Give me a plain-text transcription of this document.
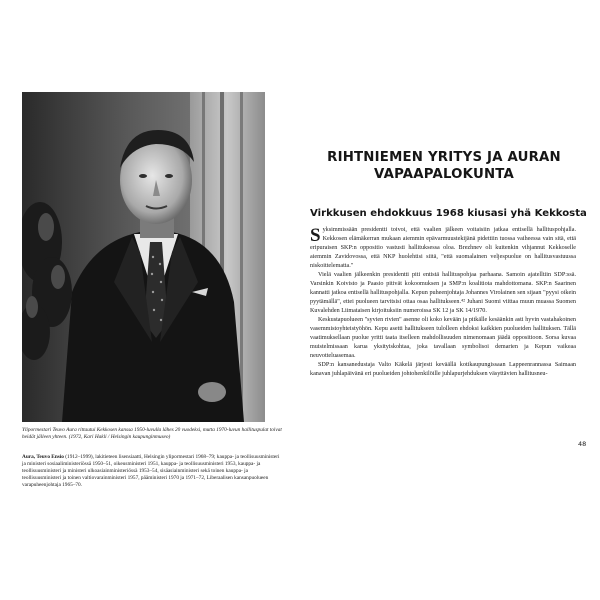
Ylipormestari Teuvo Aura rittautui Kekkosen kanssa 1950-luvulla lähes 20 vuodeksi, mutta 1970-luvun hallituspulat toivat heidät jälleen yhteen. (1972, Kari Hakli / Helsingin kaupunginmuseo)

Aura, Teuvo Ensio (1912–1999), lakitieteen lisensiaatti, Helsingin ylipormestari 1968–79; kauppa- ja teollisuusministeri ja ministeri sosiaaliministeriössä 1950–51, oikeusministeri 1951, kauppa- ja teollisuusministeri 1953, kauppa- ja teollisuusministeri ja ministeri ulkoasiainministeriössä 1953–54, sisäasiainministeri sekä toinen kauppa- ja teollisuusministeri ja toinen valtiovarainministeri 1957, pääministeri 1970 ja 1971–72, Liberaalisen kansanpuolueen varapuheenjohtaja 1965–70.

RIHTNIEMEN YRITYS JA AURAN
VAPAAPALOKUNTA
Virkkusen ehdokkuus 1968 kiusasi yhä Kekkosta

Syksimmissään presidentti toivoi, että vaalien jälkeen voitaisiin jatkaa entisellä hallituspohjalla. Kekkosen elämäkerran mukaan aiemmin epävarmuustekijänä pidettiin tuossa vaiheessa vain sitä, että eripuraisen SKP:n oppositio vastusti hallituksessa oloa. Brezhnev oli kuitenkin vihjannut Kekkoselle aiemmin Zavidovossa, että NKP huolehtisi siitä, "että suomalainen veljespuolue on hallitusvastuussa niskoittelematta."

Vielä vaalien jälkeenkin presidentti piti entistä hallituspohjaa parhaana. Samoin ajatelltiin SDP:ssä. Varsinkin Koivisto ja Paasio pitivät kokoomuksen ja SMP:n koalitiota mahdottomana. SKP:n Saarinen kannatti jatkoa entisellä hallituspohjalla. Kepun puheenjohtaja Johannes Virolainen sen sijaan "pyysi oikein pyytämällä", ettei puolueen tarvitsisi ottaa osaa hallitukseen.⁴² Juhani Suomi viittaa muun muassa Suomen Kuvalehden Liimataisen kirjoituksiin numeroissa SK 12 ja SK 14/1970.

Keskustapuolueen "syvien rivien" asenne oli koko kevään ja pitkälle kesäänkin asti hyvin vastahakoinen vasemmistoyhteistyöhön. Kepu asetti hallitukseen tulolleen ehdoksi kaikkien puolueiden hallituksen. Tällä vaatimuksellaan puolue yritti taata itselleen mahdollisuuden nimenomaan jäädä oppositioon. Sorsa kuvaa muistelmissaan karua yksityiskohtaa, joka tavallaan symbolisoi demarien ja Kepun vaikeaa neuvotteluasemaa.

SDP:n kansanedustaja Valto Käkelä järjesti keväällä kotikaupungissaan Lappeenrannassa Saimaan kanavan juhlapäivänä eri puolueiden johtohenkilöille juhlapurjehduksen väsyttävien hallitusneu-

48
